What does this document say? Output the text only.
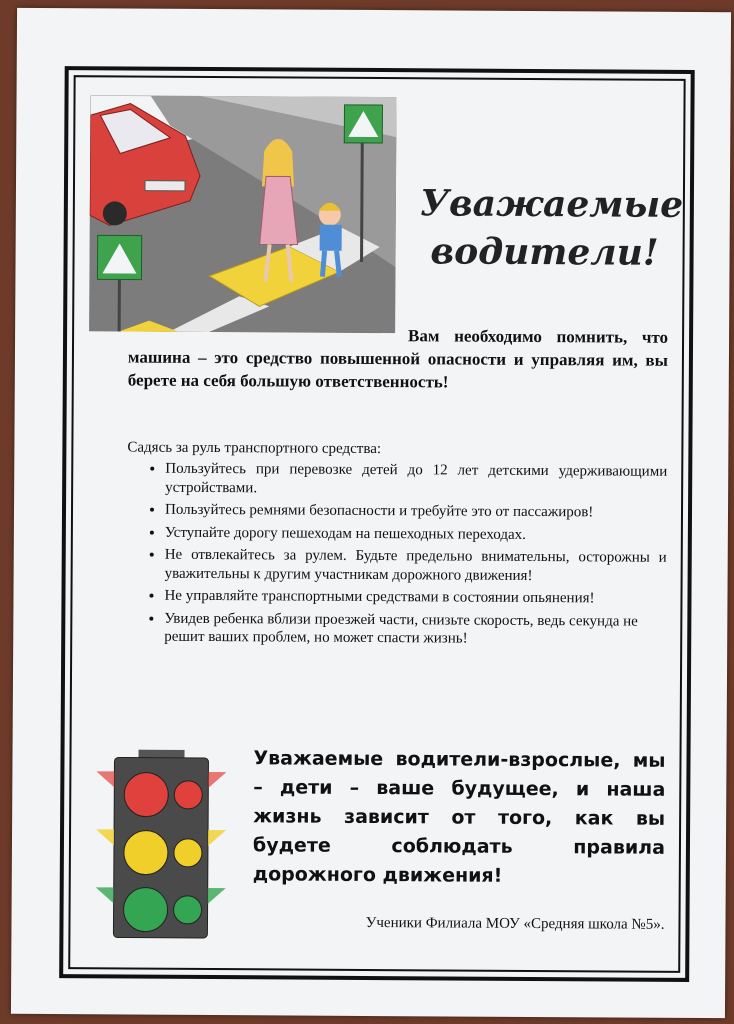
Уважаемые
водители!

Вам необходимо помнить, что машина – это средство повышенной опасности и управляя им, вы берете на себя большую ответственность!

Садясь за руль транспортного средства:
• Пользуйтесь при перевозке детей до 12 лет детскими удерживающими устройствами.
• Пользуйтесь ремнями безопасности и требуйте это от пассажиров!
• Уступайте дорогу пешеходам на пешеходных переходах.
• Не отвлекайтесь за рулем. Будьте предельно внимательны, осторожны и уважительны к другим участникам дорожного движения!
• Не управляйте транспортными средствами в состоянии опьянения!
• Увидев ребенка вблизи проезжей части, снизьте скорость, ведь секунда не решит ваших проблем, но может спасти жизнь!
Уважаемые водители-взрослые, мы – дети – ваше будущее, и наша жизнь зависит от того, как вы будете соблюдать правила дорожного движения!
Ученики Филиала МОУ «Средняя школа №5».
